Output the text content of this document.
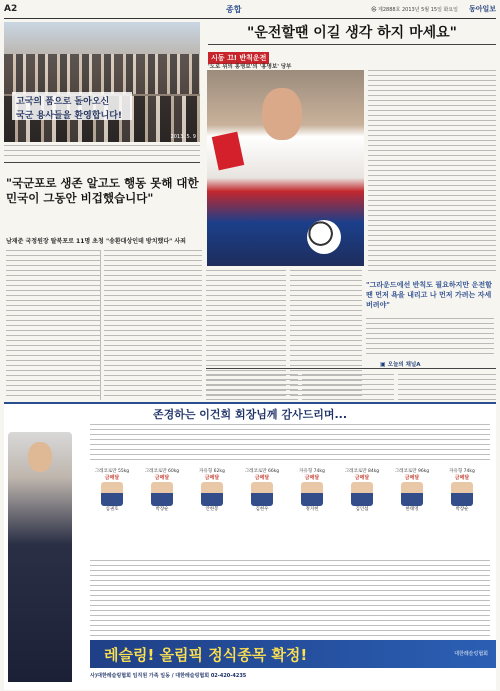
A2	종합	㉿ 제2888호 2013년 5월 15일 화요일 동아일보
고국의 품으로 돌아오신
국군 용사들을 환영합니다!
2013. 5. 9
"국군포로 생존 알고도 행동 못해 대한민국이 그동안 비겁했습니다"
남재준 국정원장 탈북포로 11명 초청 "송환대상인데 방치했다" 사죄
"운전할땐 이길 생각 하지 마세요"
시동 끄! 반칙운전
'도로 위의 홍명보'의 '홍명보' 당부
"그라운드에선 반칙도 필요하지만 운전할 땐 먼저 욕을 내리고 나 먼저 가려는 자세 버려야"
▣ 오늘의 채널A
존경하는 이건희 회장님께 감사드리며...
그레코로만 55kg
금메달
심권호
그레코로만 60kg
금메달
박장순
자유형 62kg
금메달
안한봉
그레코로만 66kg
금메달
김현우
자유형 74kg
금메달
정지현
그레코로만 84kg
금메달
김인섭
그레코로만 96kg
금메달
한태영
자유형 74kg
금메달
박장순
레슬링! 올림픽 정식종목 확정!	대한레슬링협회
사)대한레슬링협회 임직원 가족 일동 / 대한레슬링협회 02-420-4235
